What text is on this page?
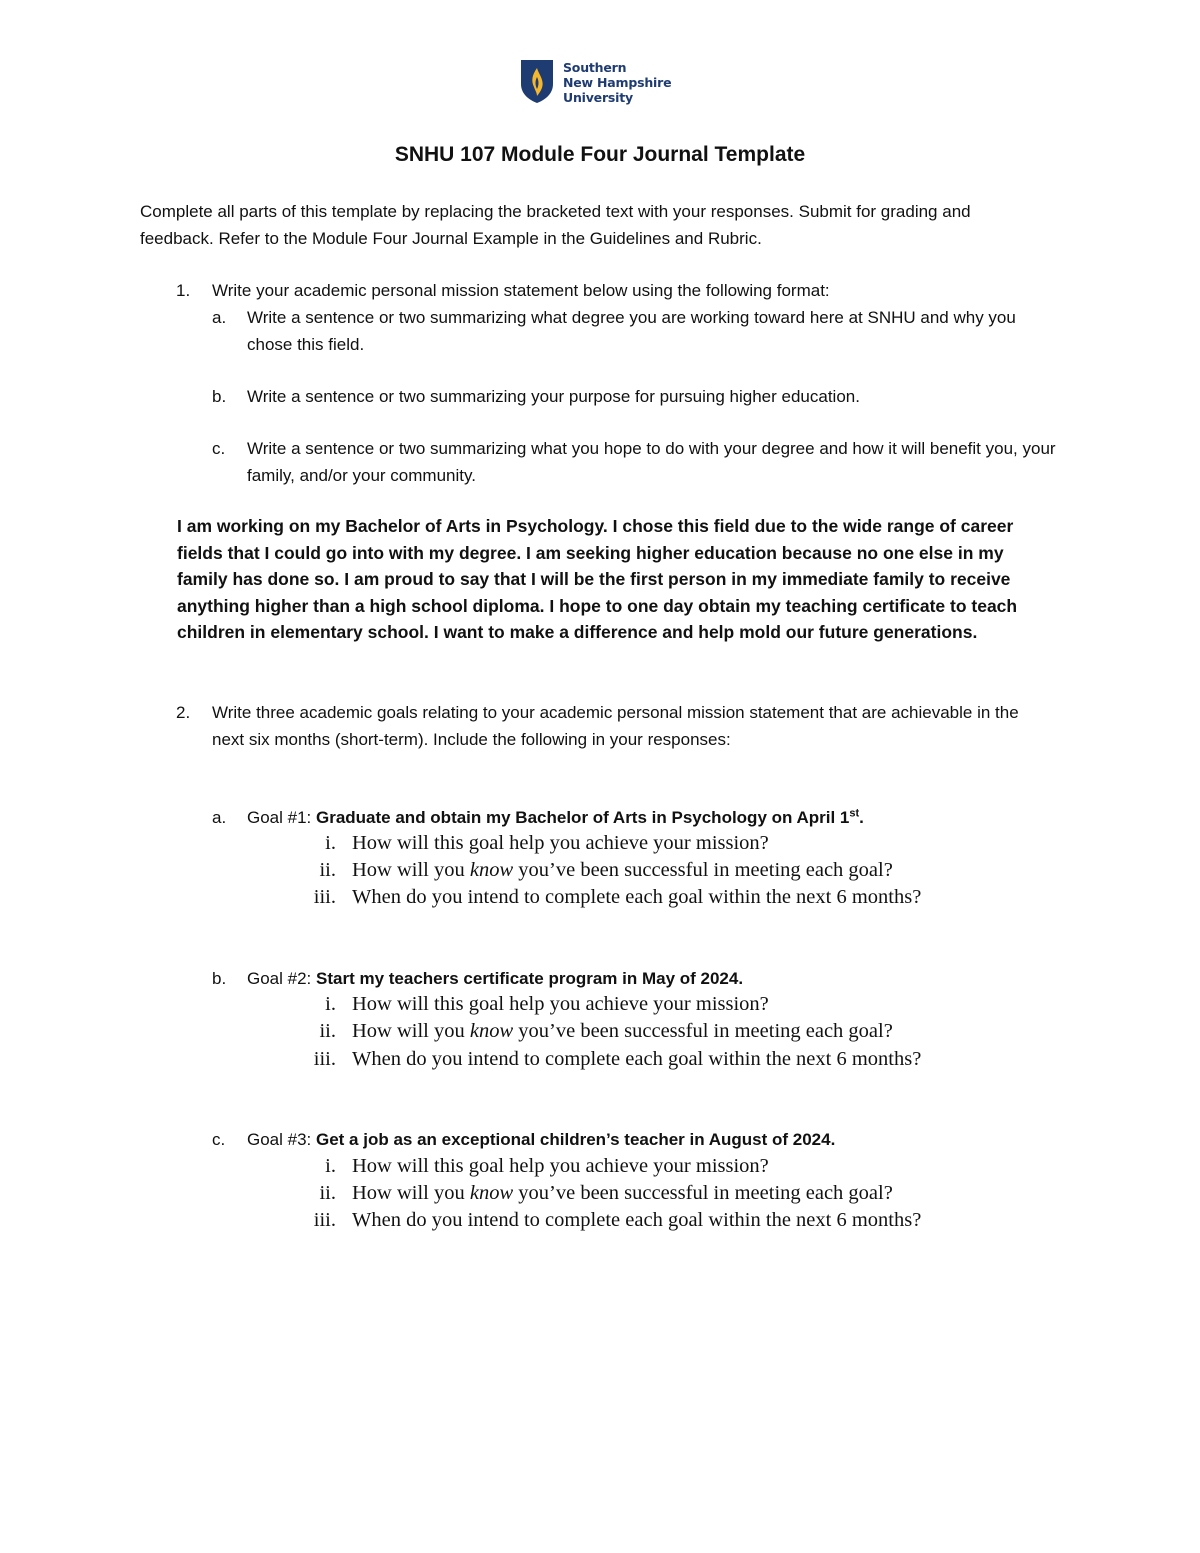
Southern
New Hampshire
University
SNHU 107 Module Four Journal Template
Complete all parts of this template by replacing the bracketed text with your responses. Submit for grading and feedback. Refer to the Module Four Journal Example in the Guidelines and Rubric.
1. Write your academic personal mission statement below using the following format:
a. Write a sentence or two summarizing what degree you are working toward here at SNHU and why you chose this field.
b. Write a sentence or two summarizing your purpose for pursuing higher education.
c. Write a sentence or two summarizing what you hope to do with your degree and how it will benefit you, your family, and/or your community.
I am working on my Bachelor of Arts in Psychology. I chose this field due to the wide range of career fields that I could go into with my degree. I am seeking higher education because no one else in my family has done so. I am proud to say that I will be the first person in my immediate family to receive anything higher than a high school diploma. I hope to one day obtain my teaching certificate to teach children in elementary school. I want to make a difference and help mold our future generations.
2. Write three academic goals relating to your academic personal mission statement that are achievable in the next six months (short-term). Include the following in your responses:
a. Goal #1: Graduate and obtain my Bachelor of Arts in Psychology on April 1st.
i. How will this goal help you achieve your mission?
ii. How will you know you’ve been successful in meeting each goal?
iii. When do you intend to complete each goal within the next 6 months?
b. Goal #2: Start my teachers certificate program in May of 2024.
i. How will this goal help you achieve your mission?
ii. How will you know you’ve been successful in meeting each goal?
iii. When do you intend to complete each goal within the next 6 months?
c. Goal #3: Get a job as an exceptional children’s teacher in August of 2024.
i. How will this goal help you achieve your mission?
ii. How will you know you’ve been successful in meeting each goal?
iii. When do you intend to complete each goal within the next 6 months?
